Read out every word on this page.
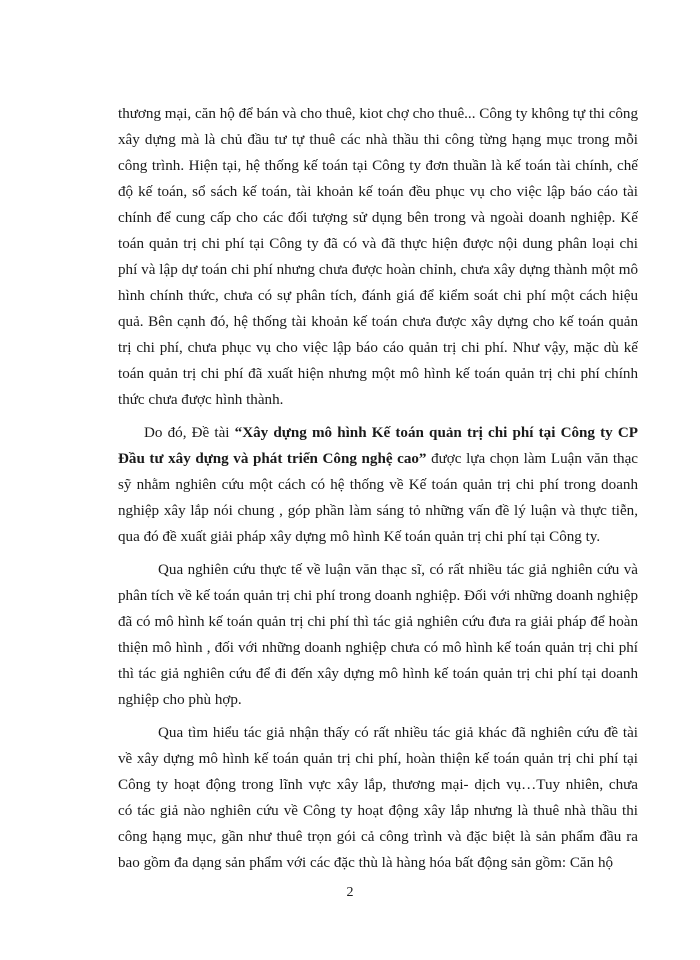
thương mại, căn hộ để bán và cho thuê, kiot chợ cho thuê... Công ty không tự thi công
xây dựng mà là chủ đầu tư tự thuê các nhà thầu thi công từng hạng mục trong mỗi
công trình. Hiện tại, hệ thống kế toán tại Công ty đơn thuần là kế toán tài chính, chế
độ kế toán, sổ sách kế toán, tài khoản kế toán đều phục vụ cho việc lập báo cáo tài
chính để cung cấp cho các đối tượng sử dụng bên trong và ngoài doanh nghiệp. Kế
toán quản trị chi phí tại Công ty đã có và đã thực hiện được nội dung phân loại chi
phí và lập dự toán chi phí nhưng chưa được hoàn chỉnh, chưa xây dựng thành một mô
hình chính thức, chưa có sự phân tích, đánh giá để kiểm soát chi phí một cách hiệu
quả. Bên cạnh đó, hệ thống tài khoản kế toán chưa được xây dựng cho kế toán quản
trị chi phí, chưa phục vụ cho việc lập báo cáo quản trị chi phí. Như vậy, mặc dù kế
toán quản trị chi phí đã xuất hiện nhưng một mô hình kế toán quản trị chi phí chính
thức chưa được hình thành.
Do đó, Đề tài “Xây dựng mô hình Kế toán quản trị chi phí tại Công ty CP
Đầu tư xây dựng và phát triển Công nghệ cao” được lựa chọn làm Luận văn thạc
sỹ nhằm nghiên cứu một cách có hệ thống về Kế toán quản trị chi phí trong doanh
nghiệp xây lắp nói chung , góp phần làm sáng tỏ những vấn đề lý luận và thực tiễn,
qua đó đề xuất giải pháp xây dựng mô hình Kế toán quản trị chi phí tại Công ty.
Qua nghiên cứu thực tế về luận văn thạc sĩ, có rất nhiều tác giả nghiên cứu và
phân tích về kế toán quản trị chi phí trong doanh nghiệp. Đối với những doanh nghiệp
đã có mô hình kế toán quản trị chi phí thì tác giả nghiên cứu đưa ra giải pháp để hoàn
thiện mô hình , đối với những doanh nghiệp chưa có mô hình kế toán quản trị chi phí
thì tác giả nghiên cứu để đi đến xây dựng mô hình kế toán quản trị chi phí tại doanh
nghiệp cho phù hợp.
Qua tìm hiểu tác giả nhận thấy có rất nhiều tác giả khác đã nghiên cứu đề tài
về xây dựng mô hình kế toán quản trị chi phí, hoàn thiện kế toán quản trị chi phí tại
Công ty hoạt động trong lĩnh vực xây lắp, thương mại- dịch vụ…Tuy nhiên, chưa
có tác giả nào nghiên cứu về Công ty hoạt động xây lắp nhưng là thuê nhà thầu thi
công hạng mục, gần như thuê trọn gói cả công trình và đặc biệt là sản phẩm đầu ra
bao gồm đa dạng sản phẩm với các đặc thù là hàng hóa bất động sản gồm: Căn hộ
2
